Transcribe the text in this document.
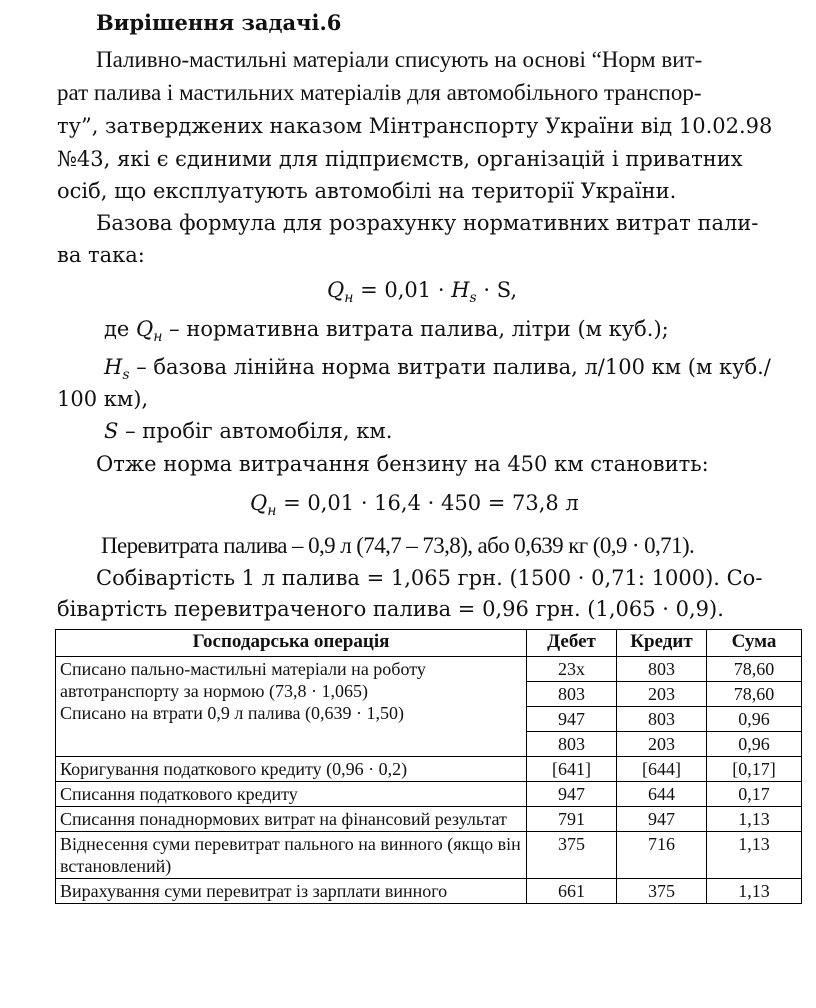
Вирішення задачі.6
Паливно-мастильні матеріали списують на основі “Норм вит-
рат палива і мастильних матеріалів для автомобільного транспор-
ту”, затверджених наказом Мінтранспорту України від 10.02.98
№43, які є єдиними для підприємств, організацій і приватних
осіб, що експлуатують автомобілі на території України.
Базова формула для розрахунку нормативних витрат пали-
ва така:
$Q_н = 0,01 \cdot H_s \cdot S$,
де $Q_н$ – нормативна витрата палива, літри (м куб.);
$H_s$ – базова лінійна норма витрати палива, л/100 км (м куб./
100 км),
S – пробіг автомобіля, км.
Отже норма витрачання бензину на 450 км становить:
$Q_н = 0,01 \cdot 16,4 \cdot 450 = 73,8$ л
Перевитрата палива – 0,9 л (74,7 – 73,8), або 0,639 кг (0,9 · 0,71).
Собівартість 1 л палива = 1,065 грн. (1500 · 0,71: 1000). Со-
бівартість перевитраченого палива = 0,96 грн. (1,065 · 0,9).
Господарська операція	Дебет	Кредит	Сума

Списано пальнo-мастильні матеріали на роботу
автотранспорту за нормою (73,8 · 1,065)
Списано на втрати 0,9 л палива (0,639 · 1,50)	23х	803	78,60
	803	203	78,60
	947	803	0,96
	803	203	0,96
Коригування податкового кредиту (0,96 · 0,2)	[641]	[644]	[0,17]
Списання податкового кредиту	947	644	0,17
Списання понаднормових витрат на фінансовий результат	791	947	1,13
Віднесення суми перевитрат пального на винного (якщо він встановлений)	375	716	1,13
Вирахування суми перевитрат із зарплати винного	661	375	1,13
